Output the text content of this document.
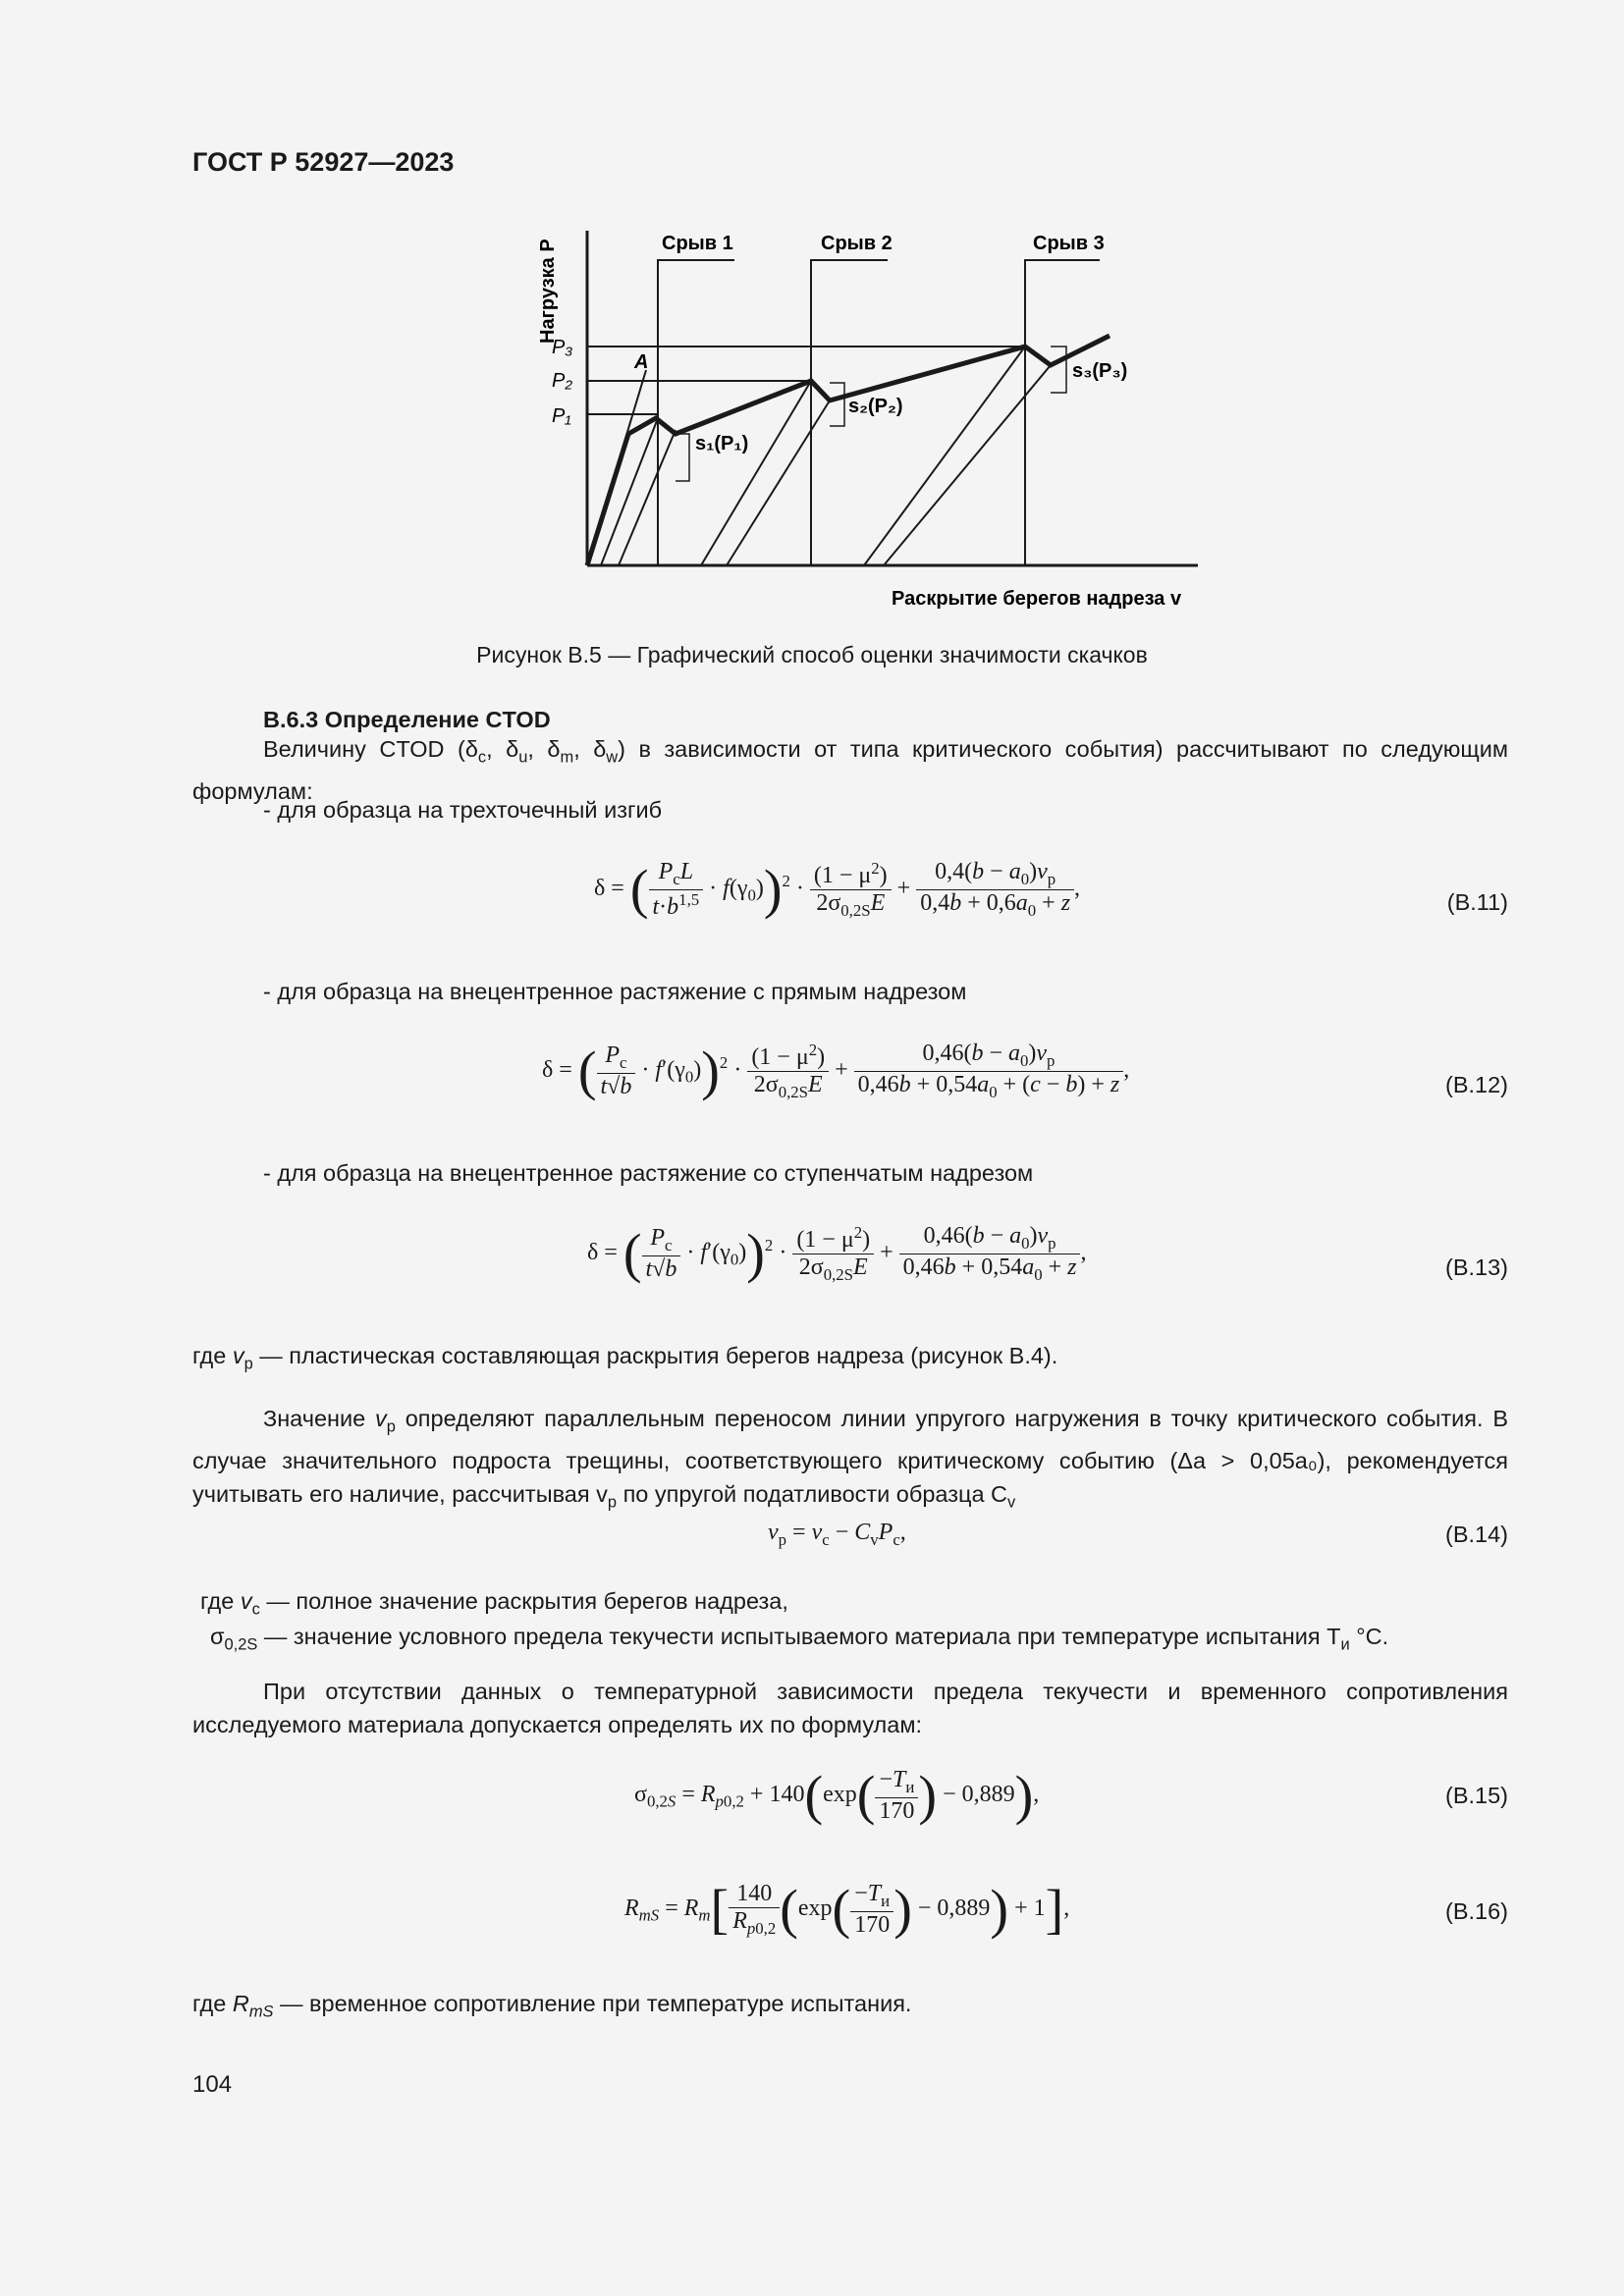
ГОСТ Р 52927—2023
Нагрузка P
Раскрытие берегов надреза v
Срыв 1	Срыв 2	Срыв 3
P₁
P₂
P₃
A
s₁(P₁)
s₂(P₂)
s₃(P₃)
Рисунок В.5 — Графический способ оценки значимости скачков
В.6.3 Определение CTOD
Величину CTOD ($\delta_c$, $\delta_u$, $\delta_m$, $\delta_w$) в зависимости от типа критического события) рассчитывают по следующим формулам:
- для образца на трехточечный изгиб
δ = ( $\frac{P_cL}{t\cdot b^{1,5}} \cdot f(\gamma_0))^2 \cdot \frac{(1 - \mu^2)}{2\sigma_{0,2S}E} + \frac{0,4(b - a_0)v_p}{0,4b + 0,6a_0 + z}$ ,
(В.11)
- для образца на внецентренное растяжение с прямым надрезом
δ = ( $\frac{P_c}{t√b} \cdot f'(\gamma_0))^2 \cdot \frac{(1 - \mu^2)}{2\sigma_{0,2S}E} + \frac{0,46(b - a_0)v_p}{0,46b + 0,54a_0 + (c - b) + z}$ ,
(В.12)
- для образца на внецентренное растяжение со ступенчатым надрезом
δ = ( $\frac{P_c}{t√b} \cdot f'(\gamma_0))^2 \cdot \frac{(1 - \mu^2)}{2\sigma_{0,2S}E} + \frac{0,46(b - a_0)v_p}{0,46b + 0,54a_0 + z}$ ,
(В.13)
где $v_p$ — пластическая составляющая раскрытия берегов надреза (рисунок В.4).
Значение $v_p$ определяют параллельным переносом линии упругого нагружения в точку критического события. В случае значительного подроста трещины, соответствующего критическому событию (Δa > 0,05a₀), рекомендуется учитывать его наличие, рассчитывая $v_p$ по упругой податливости образца $C_v$
$v_p = v_c - C_vP_c$,	(В.14)
где $v_c$ — полное значение раскрытия берегов надреза,
$\sigma_{0,2S}$ — значение условного предела текучести испытываемого материала при температуре испытания $T_и$ °С.
При отсутствии данных о температурной зависимости предела текучести и временного сопротивления исследуемого материала допускается определять их по формулам:
$\sigma_{0,2S} = R_{p0,2} + 140(\exp( \frac{-T_и}{170}$ ) − 0,889),	(В.15)
$R_{mS} = R_m[ \frac{140}{R_{p0,2}} (\exp( \frac{-T_и}{170}$ ) − 0,889) + 1],	(В.16)
где $R_{mS}$ — временное сопротивление при температуре испытания.
104
